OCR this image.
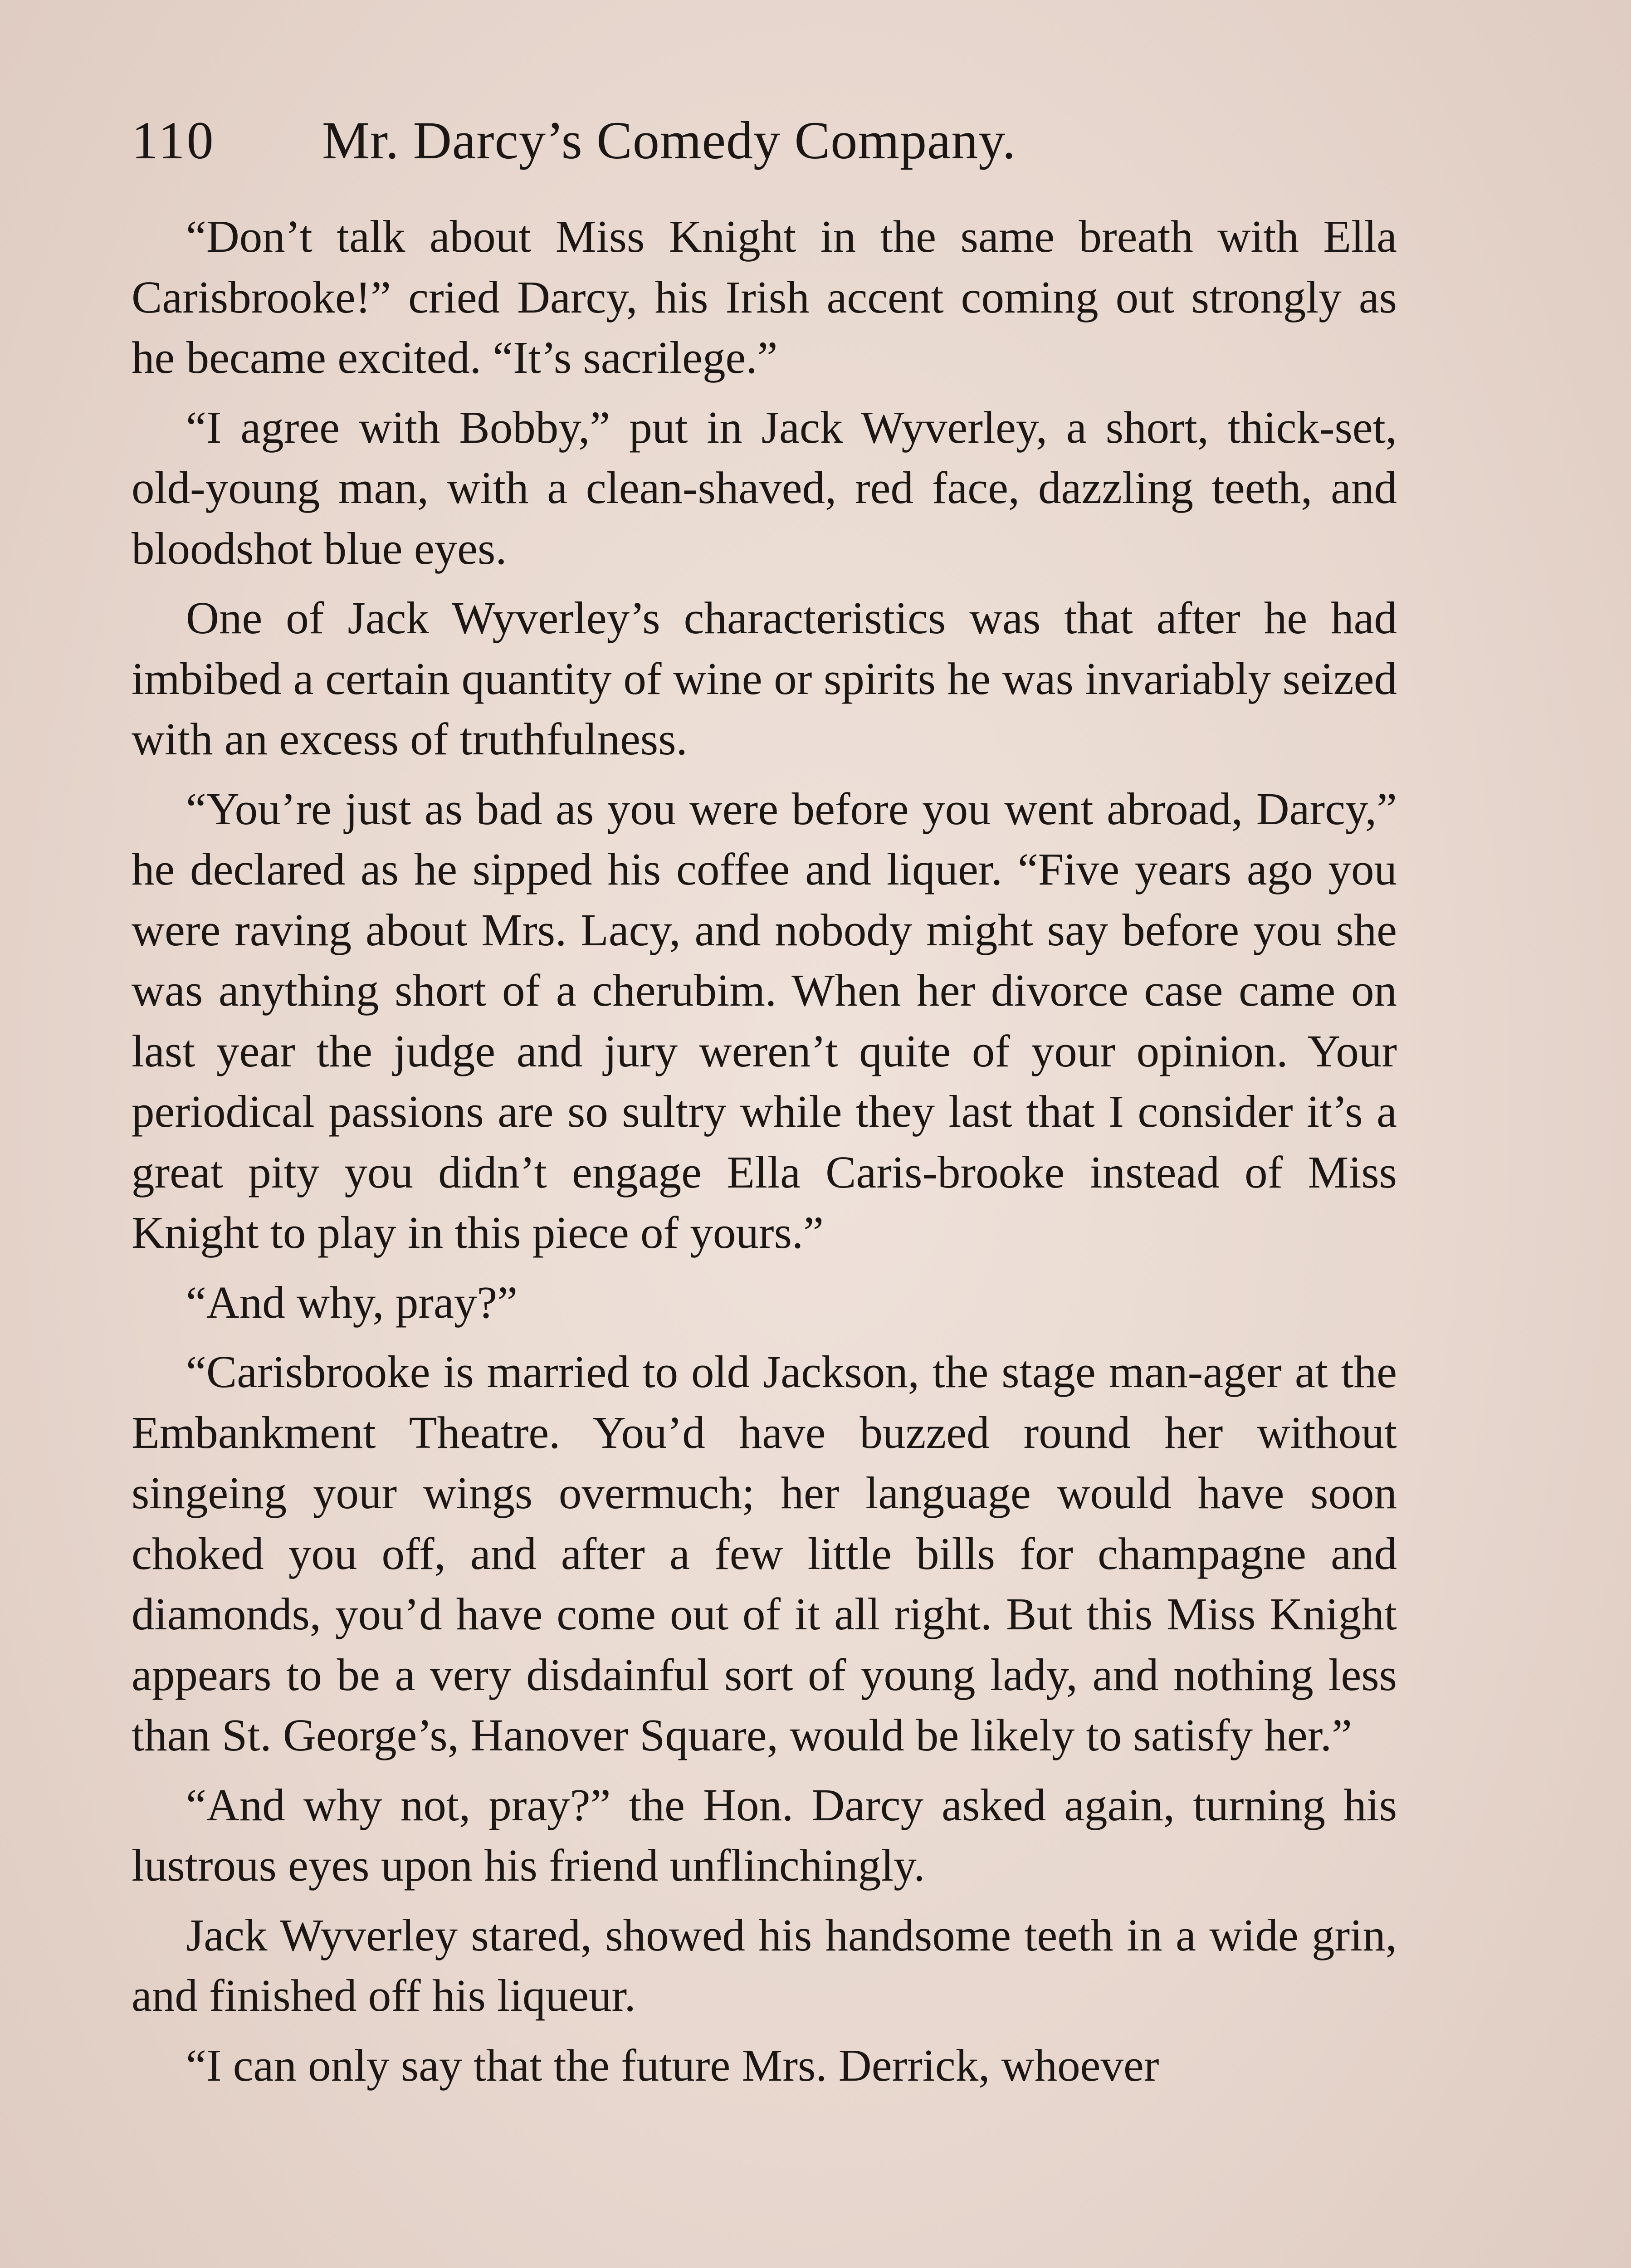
110 Mr. Darcy’s Comedy Company.

“Don’t talk about Miss Knight in the same breath with Ella Carisbrooke!” cried Darcy, his Irish accent coming out strongly as he became excited. “It’s sacrilege.”

“I agree with Bobby,” put in Jack Wyverley, a short, thick-set, old-young man, with a clean-shaved, red face, dazzling teeth, and bloodshot blue eyes.

One of Jack Wyverley’s characteristics was that after he had imbibed a certain quantity of wine or spirits he was invariably seized with an excess of truthfulness.

“You’re just as bad as you were before you went abroad, Darcy,” he declared as he sipped his coffee and liquer. “Five years ago you were raving about Mrs. Lacy, and nobody might say before you she was anything short of a cherubim. When her divorce case came on last year the judge and jury weren’t quite of your opinion. Your periodical passions are so sultry while they last that I consider it’s a great pity you didn’t engage Ella Caris-brooke instead of Miss Knight to play in this piece of yours.”

“And why, pray?”

“Carisbrooke is married to old Jackson, the stage man-ager at the Embankment Theatre. You’d have buzzed round her without singeing your wings overmuch; her language would have soon choked you off, and after a few little bills for champagne and diamonds, you’d have come out of it all right. But this Miss Knight appears to be a very disdainful sort of young lady, and nothing less than St. George’s, Hanover Square, would be likely to satisfy her.”

“And why not, pray?” the Hon. Darcy asked again, turning his lustrous eyes upon his friend unflinchingly.

Jack Wyverley stared, showed his handsome teeth in a wide grin, and finished off his liqueur.

“I can only say that the future Mrs. Derrick, whoever
